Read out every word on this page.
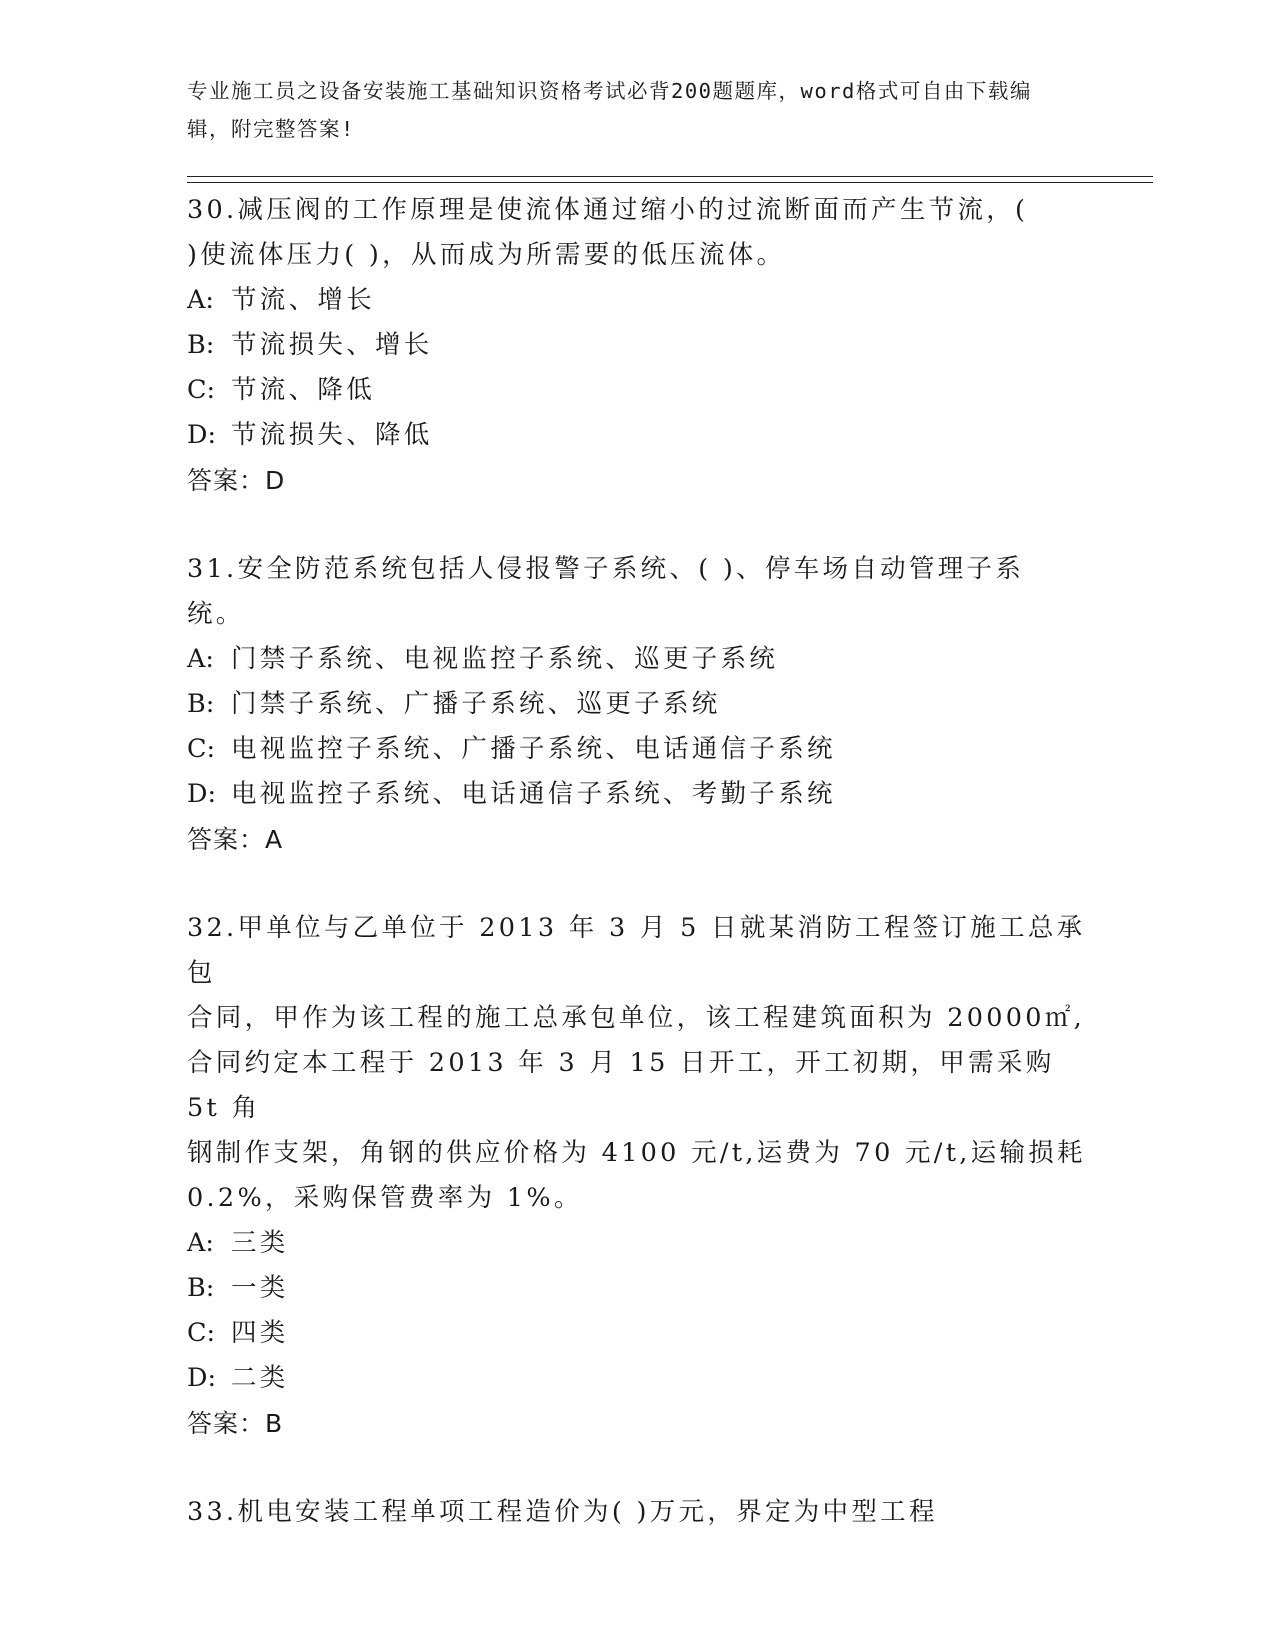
专业施工员之设备安装施工基础知识资格考试必背200题题库，word格式可自由下载编辑，附完整答案!

30.减压阀的工作原理是使流体通过缩小的过流断面而产生节流，(
)使流体压力( )，从而成为所需要的低压流体。

A: 节流、增长

B: 节流损失、增长

C: 节流、降低

D: 节流损失、降低

答案：D

31.安全防范系统包括人侵报警子系统、( )、停车场自动管理子系
统。

A: 门禁子系统、电视监控子系统、巡更子系统

B: 门禁子系统、广播子系统、巡更子系统

C: 电视监控子系统、广播子系统、电话通信子系统

D: 电视监控子系统、电话通信子系统、考勤子系统

答案：A

32.甲单位与乙单位于 2013 年 3 月 5 日就某消防工程签订施工总承包
合同，甲作为该工程的施工总承包单位，该工程建筑面积为 20000㎡,
合同约定本工程于 2013 年 3 月 15 日开工，开工初期，甲需采购5t 角
钢制作支架，角钢的供应价格为 4100 元/t,运费为 70 元/t,运输损耗
0.2%，采购保管费率为 1%。

A: 三类

B: 一类

C: 四类

D: 二类

答案：B

33.机电安装工程单项工程造价为( )万元，界定为中型工程
